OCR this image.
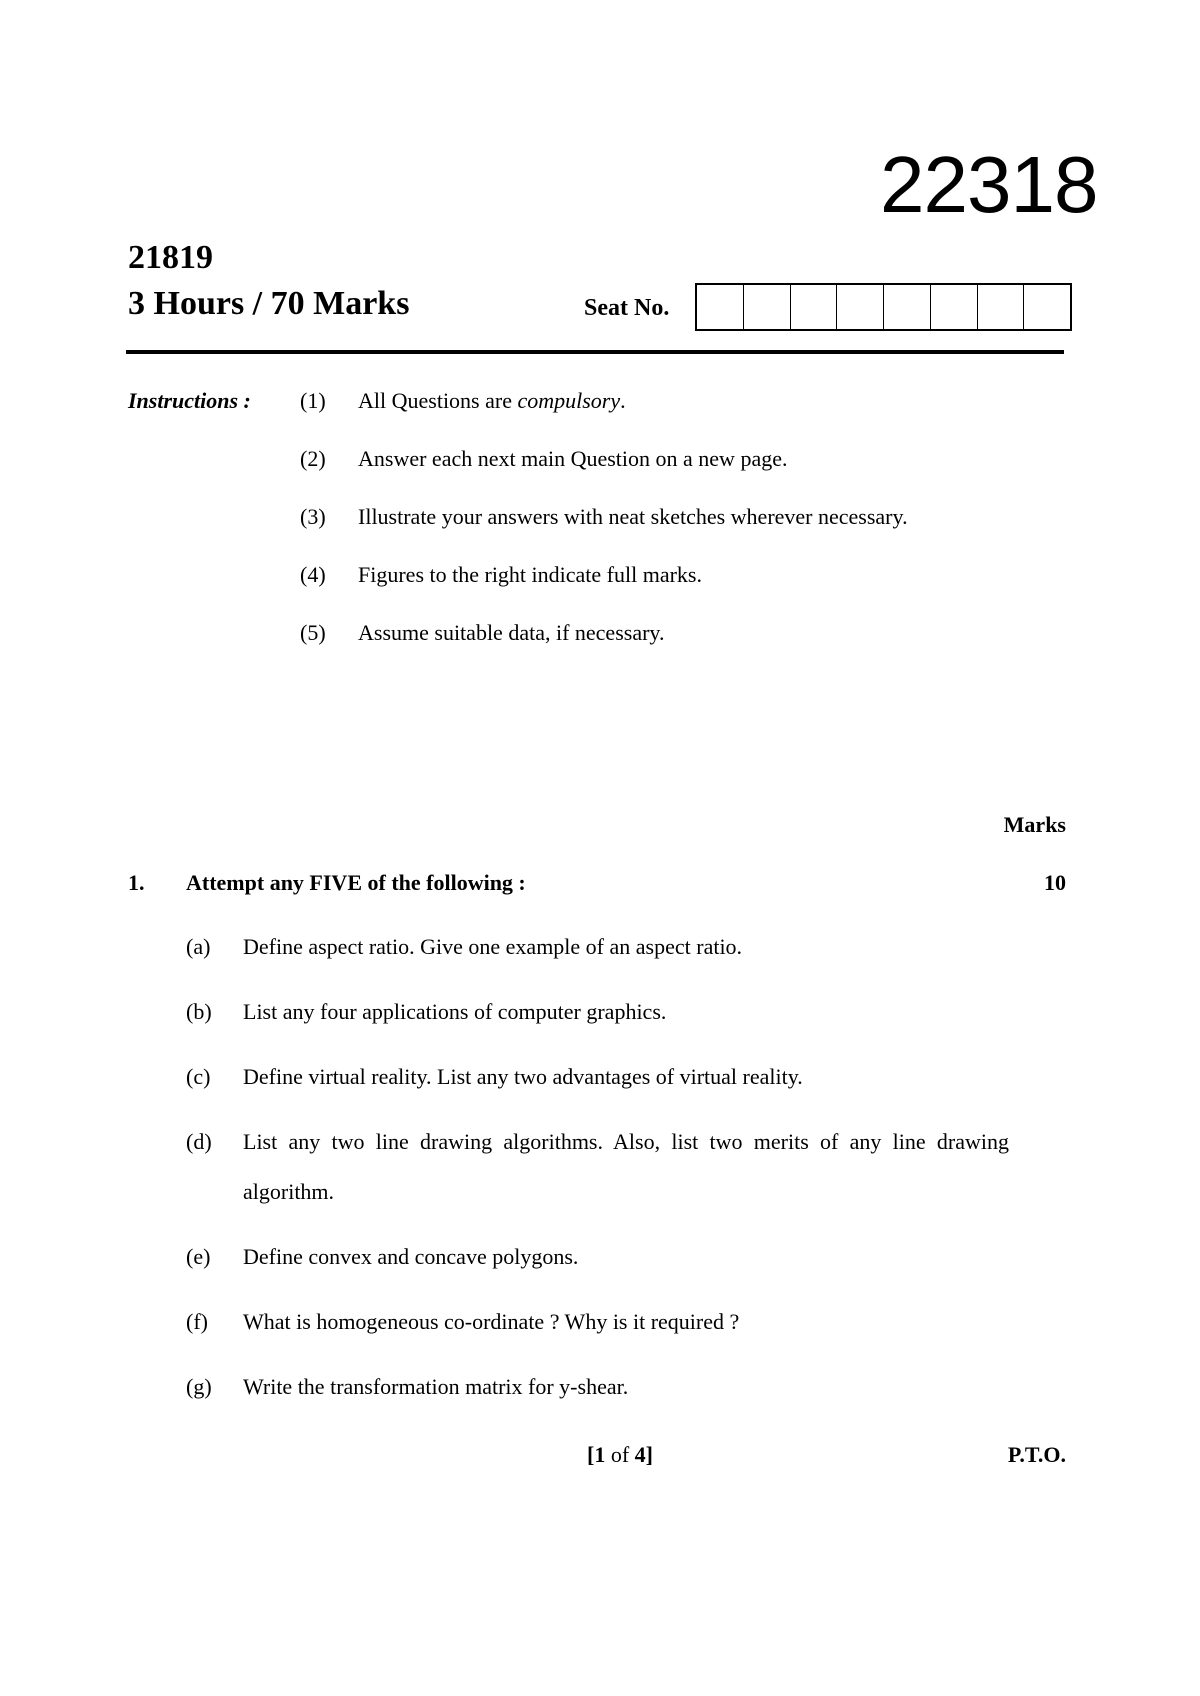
22318
21819
3 Hours / 70 Marks	Seat No.
Instructions : (1)	All Questions are compulsory.
(2)	Answer each next main Question on a new page.
(3)	Illustrate your answers with neat sketches wherever necessary.
(4)	Figures to the right indicate full marks.
(5)	Assume suitable data, if necessary.
Marks
1. Attempt any FIVE of the following :	10
(a)	Define aspect ratio. Give one example of an aspect ratio.
(b)	List any four applications of computer graphics.
(c)	Define virtual reality. List any two advantages of virtual reality.
(d)	List any two line drawing algorithms. Also, list two merits of any line drawing algorithm.
(e)	Define convex and concave polygons.
(f)	What is homogeneous co-ordinate ? Why is it required ?
(g)	Write the transformation matrix for y-shear.
[1 of 4]	P.T.O.
